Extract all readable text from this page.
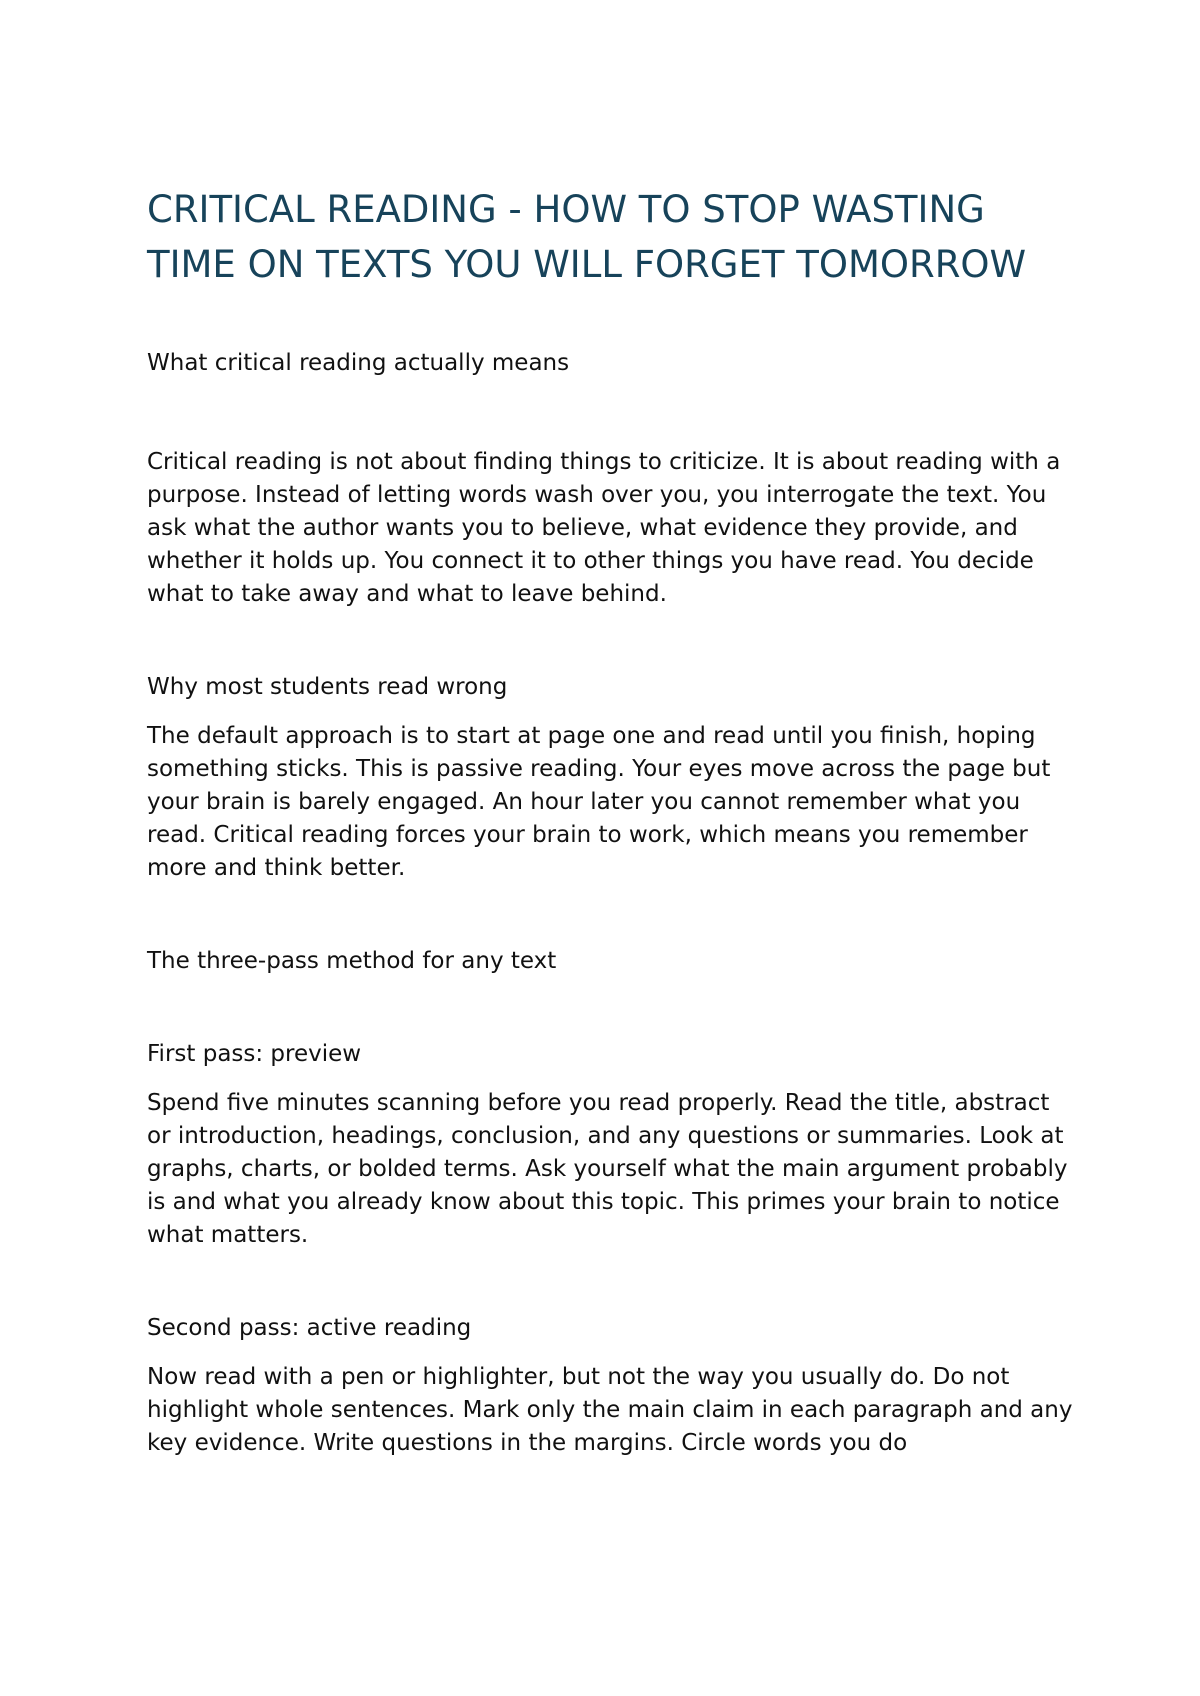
CRITICAL READING - HOW TO STOP WASTING TIME ON TEXTS YOU WILL FORGET TOMORROW

What critical reading actually means

Critical reading is not about finding things to criticize. It is about reading with a purpose. Instead of letting words wash over you, you interrogate the text. You ask what the author wants you to believe, what evidence they provide, and whether it holds up. You connect it to other things you have read. You decide what to take away and what to leave behind.

Why most students read wrong

The default approach is to start at page one and read until you finish, hoping something sticks. This is passive reading. Your eyes move across the page but your brain is barely engaged. An hour later you cannot remember what you read. Critical reading forces your brain to work, which means you remember more and think better.

The three-pass method for any text

First pass: preview

Spend five minutes scanning before you read properly. Read the title, abstract or introduction, headings, conclusion, and any questions or summaries. Look at graphs, charts, or bolded terms. Ask yourself what the main argument probably is and what you already know about this topic. This primes your brain to notice what matters.

Second pass: active reading

Now read with a pen or highlighter, but not the way you usually do. Do not highlight whole sentences. Mark only the main claim in each paragraph and any key evidence. Write questions in the margins. Circle words you do
